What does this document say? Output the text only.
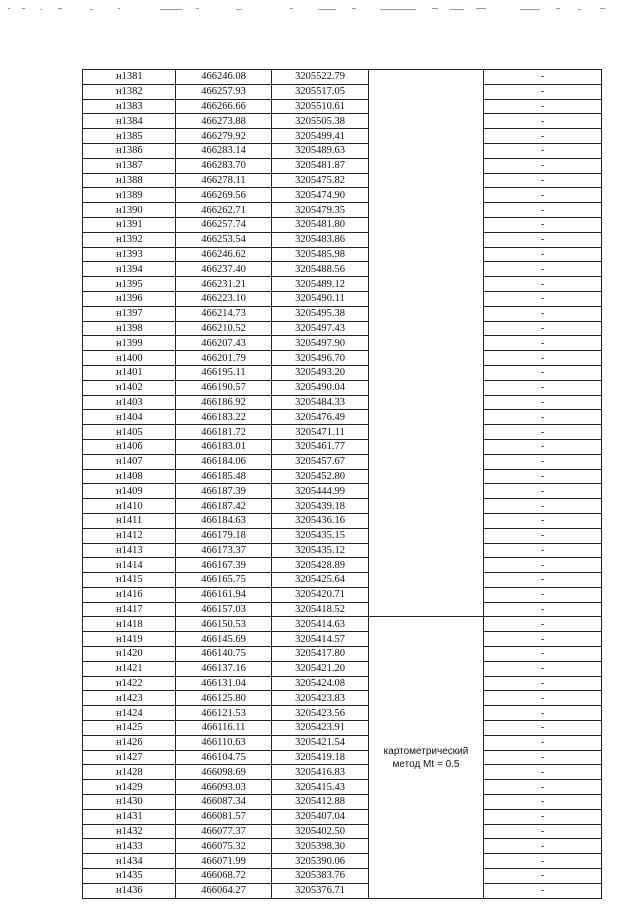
н1381	466246.08	3205522.79		-
н1382	466257.93	3205517.05		-
н1383	466266.66	3205510.61		-
н1384	466273.88	3205505.38		-
н1385	466279.92	3205499.41		-
н1386	466283.14	3205489.63		-
н1387	466283.70	3205481.87		-
н1388	466278.11	3205475.82		-
н1389	466269.56	3205474.90		-
н1390	466262.71	3205479.35		-
н1391	466257.74	3205481.80		-
н1392	466253.54	3205483.86		-
н1393	466246.62	3205485.98		-
н1394	466237.40	3205488.56		-
н1395	466231.21	3205489.12		-
н1396	466223.10	3205490.11		-
н1397	466214.73	3205495.38		-
н1398	466210.52	3205497.43		-
н1399	466207.43	3205497.90		-
н1400	466201.79	3205496.70		-
н1401	466195.11	3205493.20		-
н1402	466190.57	3205490.04		-
н1403	466186.92	3205484.33		-
н1404	466183.22	3205476.49		-
н1405	466181.72	3205471.11		-
н1406	466183.01	3205461.77		-
н1407	466184.06	3205457.67		-
н1408	466185.48	3205452.80		-
н1409	466187.39	3205444.99		-
н1410	466187.42	3205439.18		-
н1411	466184.63	3205436.16		-
н1412	466179.18	3205435.15		-
н1413	466173.37	3205435.12		-
н1414	466167.39	3205428.89		-
н1415	466165.75	3205425.64		-
н1416	466161.94	3205420.71		-
н1417	466157.03	3205418.52		-
н1418	466150.53	3205414.63	картометрический метод Mt = 0.5	-
н1419	466145.69	3205414.57		-
н1420	466140.75	3205417.80		-
н1421	466137.16	3205421.20		-
н1422	466131.04	3205424.08		-
н1423	466125.80	3205423.83		-
н1424	466121.53	3205423.56		-
н1425	466116.11	3205423.91		-
н1426	466110.63	3205421.54		-
н1427	466104.75	3205419.18		-
н1428	466098.69	3205416.83		-
н1429	466093.03	3205415.43		-
н1430	466087.34	3205412.88		-
н1431	466081.57	3205407.04		-
н1432	466077.37	3205402.50		-
н1433	466075.32	3205398.30		-
н1434	466071.99	3205390.06		-
н1435	466068.72	3205383.76		-
н1436	466064.27	3205376.71		-
